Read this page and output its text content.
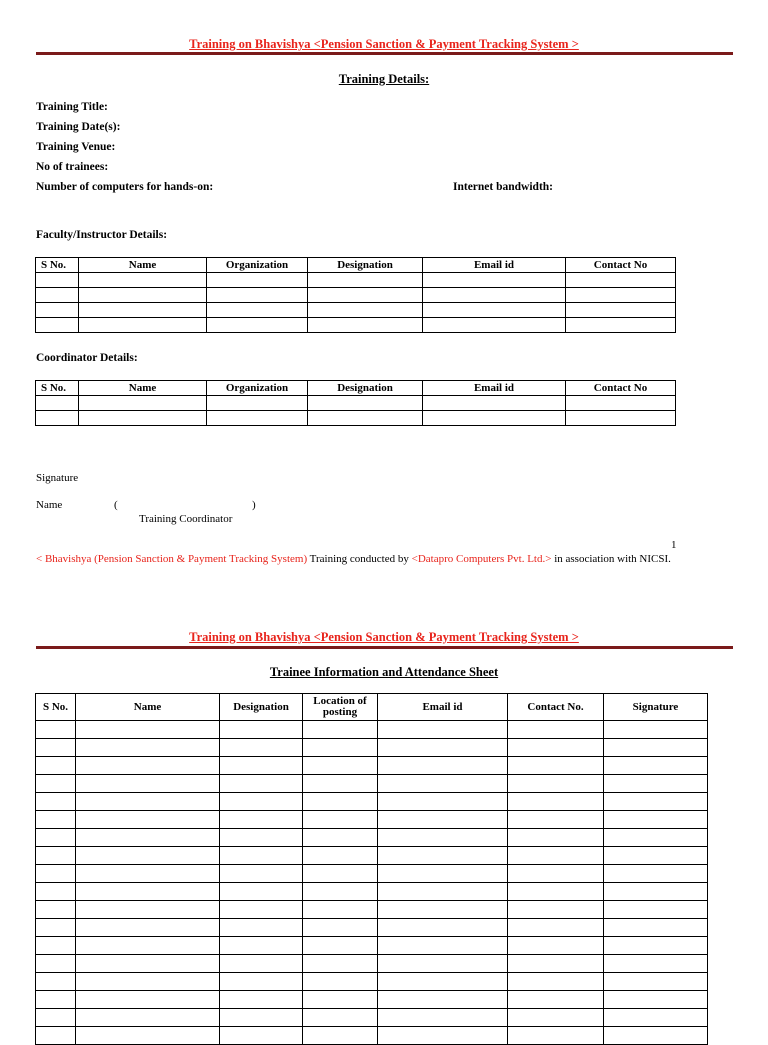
Training on Bhavishya <Pension Sanction & Payment Tracking System >
Training Details:
Training Title:
Training Date(s):
Training Venue:
No of trainees:
Number of computers for hands-on:	Internet bandwidth:
Faculty/Instructor Details:
S No.	Name	Organization	Designation	Email id	Contact No

Coordinator Details:
S No.	Name	Organization	Designation	Email id	Contact No

Signature
Name	(	)
Training Coordinator
1
< Bhavishya (Pension Sanction & Payment Tracking System) Training conducted by <Datapro Computers Pvt. Ltd.> in association with NICSI.
Training on Bhavishya <Pension Sanction & Payment Tracking System >
Trainee Information and Attendance Sheet
S No.	Name	Designation	Location of posting	Email id	Contact No.	Signature
